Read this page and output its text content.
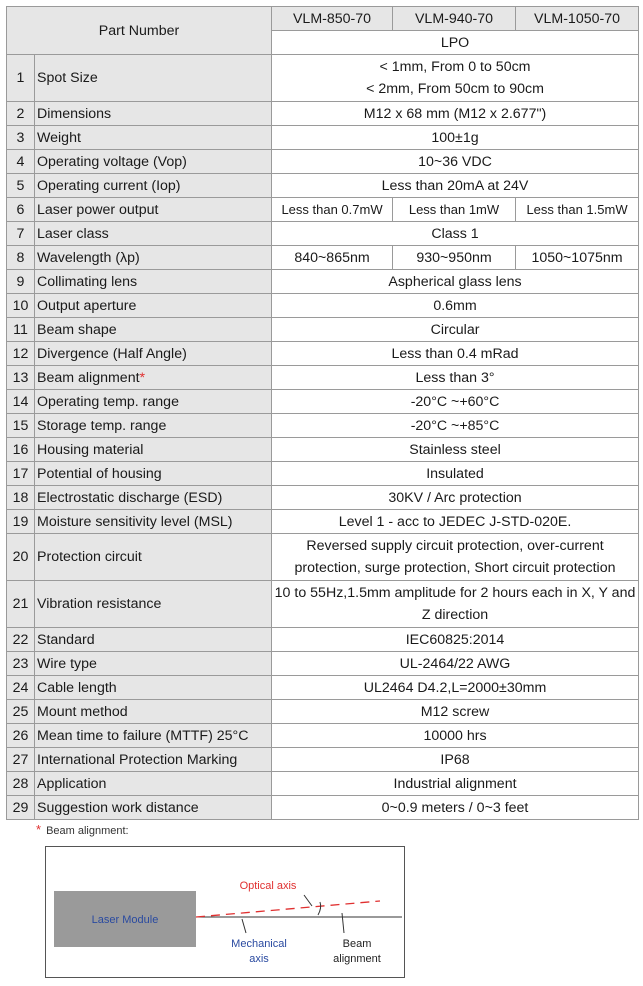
Part Number		VLM-850-70	VLM-940-70	VLM-1050-70
		LPO		
1	Spot Size	< 1mm, From 0 to 50cm
< 2mm, From 50cm to 90cm		

2	Dimensions	M12 x 68 mm (M12 x 2.677")		
3	Weight	100±1g		
4	Operating voltage (Vop)	10~36 VDC		
5	Operating current (Iop)	Less than 20mA at 24V		
6	Laser power output	Less than 0.7mW	Less than 1mW	Less than 1.5mW
7	Laser class	Class 1		
8	Wavelength (λp)	840~865nm	930~950nm	1050~1075nm
9	Collimating lens	Aspherical glass lens		
10	Output aperture	0.6mm		
11	Beam shape	Circular		
12	Divergence (Half Angle)	Less than 0.4 mRad		
13	Beam alignment*	Less than 3°		
14	Operating temp. range	-20°C ~+60°C		
15	Storage temp. range	-20°C ~+85°C		
16	Housing material	Stainless steel		
17	Potential of housing	Insulated		
18	Electrostatic discharge (ESD)	30KV / Arc protection		
19	Moisture sensitivity level (MSL)	Level 1 - acc to JEDEC J-STD-020E.		
20	Protection circuit	Reversed supply circuit protection, over-current protection, surge protection, Short circuit protection		
21	Vibration resistance	10 to 55Hz,1.5mm amplitude for 2 hours each in X, Y and Z direction		
22	Standard	IEC60825:2014		
23	Wire type	UL-2464/22 AWG		
24	Cable length	UL2464 D4.2,L=2000±30mm		
25	Mount method	M12 screw		
26	Mean time to failure (MTTF) 25°C	10000 hrs		
27	International Protection Marking	IP68		
28	Application	Industrial alignment		
29	Suggestion work distance	0~0.9 meters / 0~3 feet		
* Beam alignment:
Laser Module
Optical axis
Mechanical
axis
Beam
alignment
